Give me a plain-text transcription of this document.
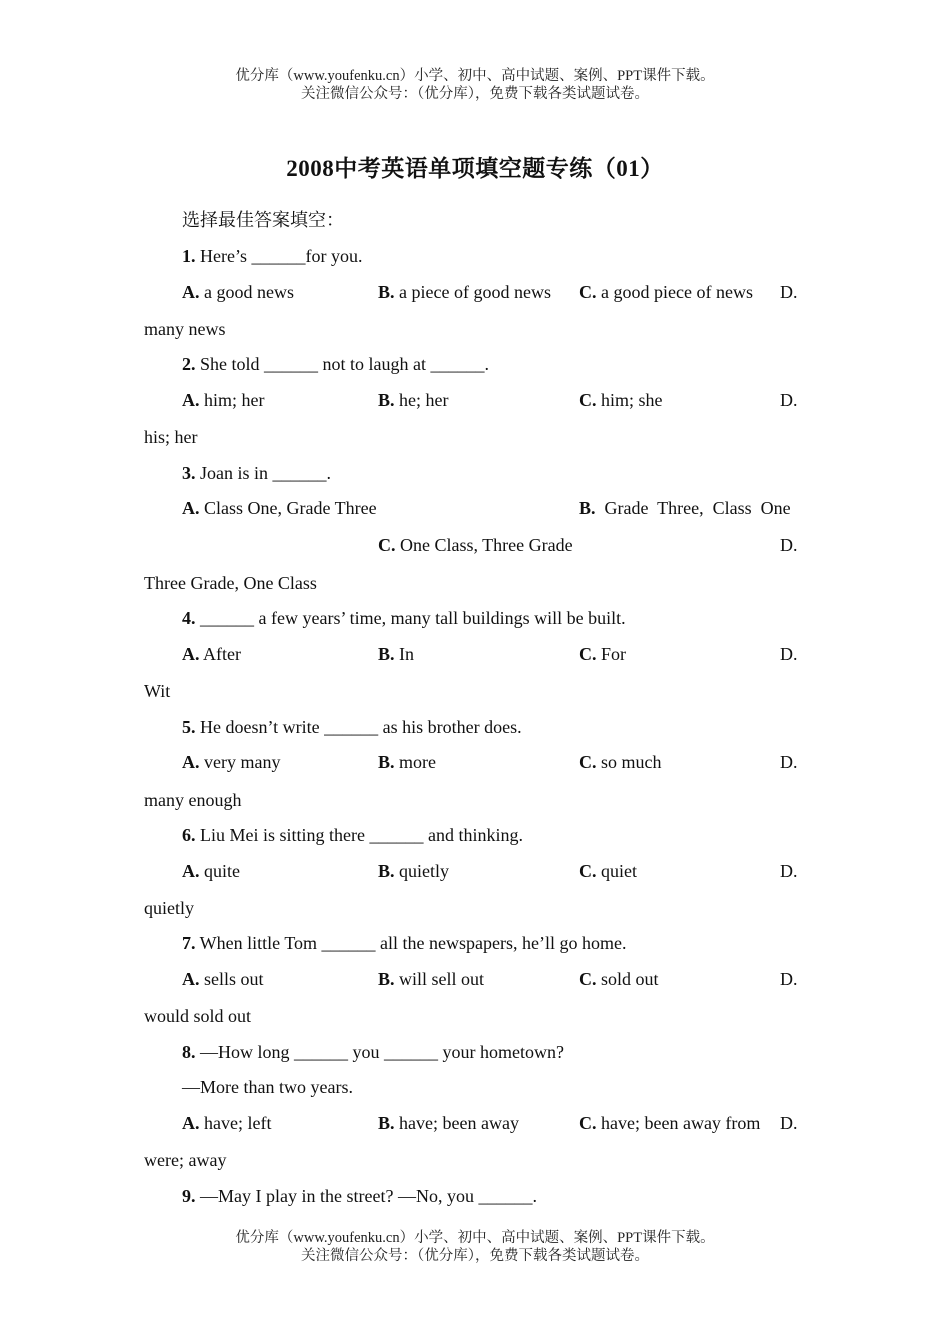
优分库（www.youfenku.cn）小学、初中、高中试题、案例、PPT课件下载。
关注微信公众号：（优分库），免费下载各类试题试卷。
2008中考英语单项填空题专练（01）
选择最佳答案填空：
1. Here’s ______for you.
A. a good news	B. a piece of good news C. a good piece of news D.
many news
2. She told ______ not to laugh at ______.
A. him; her	B. he; her	C. him; she	D.
his; her
3. Joan is in ______.
A. Class One, Grade Three	B.  Grade  Three,  Class  One
C. One Class, Three Grade	D.
Three Grade, One Class
4. ______ a few years’ time, many tall buildings will be built.
A. After	B. In	C. For	D.
Wit
5. He doesn’t write ______ as his brother does.
A. very many	B. more	C. so much	D.
many enough
6. Liu Mei is sitting there ______ and thinking.
A. quite	B. quietly	C. quiet	D.
quietly
7. When little Tom ______ all the newspapers, he’ll go home.
A. sells out	B. will sell out	C. sold out	D.
would sold out
8. —How long ______ you ______ your hometown?
—More than two years.
A. have; left	B. have; been away	C. have; been away from D.
were; away
9. —May I play in the street? —No, you ______.
优分库（www.youfenku.cn）小学、初中、高中试题、案例、PPT课件下载。
关注微信公众号：（优分库），免费下载各类试题试卷。
